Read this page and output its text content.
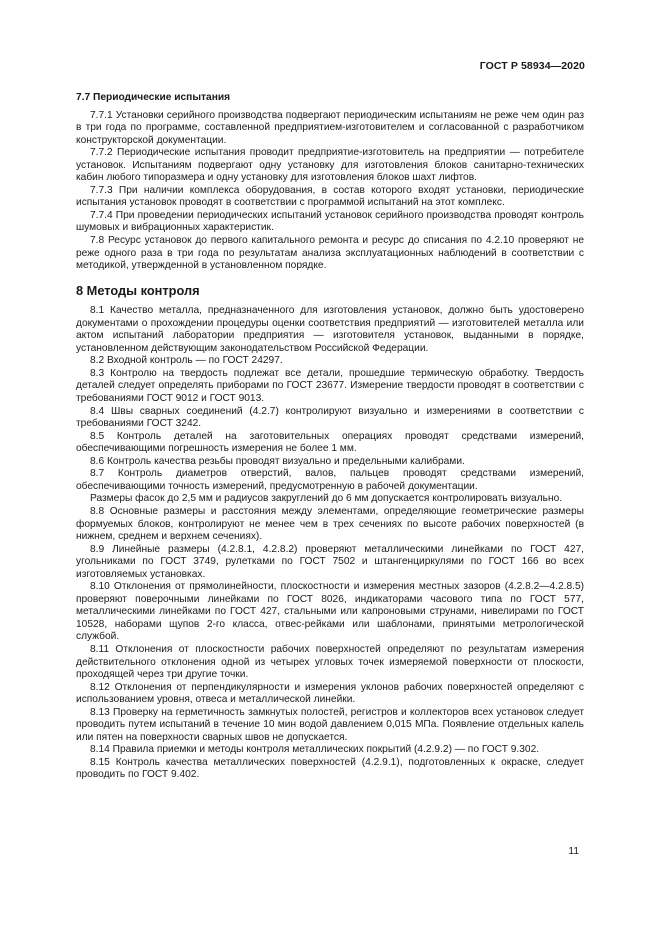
ГОСТ Р 58934—2020
7.7 Периодические испытания

7.7.1 Установки серийного производства подвергают периодическим испытаниям не реже чем один раз в три года по программе, составленной предприятием-изготовителем и согласованной с разработчиком конструкторской документации.

7.7.2 Периодические испытания проводит предприятие-изготовитель на предприятии — потребителе установок. Испытаниям подвергают одну установку для изготовления блоков санитарно-технических кабин любого типоразмера и одну установку для изготовления блоков шахт лифтов.

7.7.3 При наличии комплекса оборудования, в состав которого входят установки, периодические испытания установок проводят в соответствии с программой испытаний на этот комплекс.

7.7.4 При проведении периодических испытаний установок серийного производства проводят контроль шумовых и вибрационных характеристик.

7.8 Ресурс установок до первого капитального ремонта и ресурс до списания по 4.2.10 проверяют не реже одного раза в три года по результатам анализа эксплуатационных наблюдений в соответствии с методикой, утвержденной в установленном порядке.

8 Методы контроля

8.1 Качество металла, предназначенного для изготовления установок, должно быть удостоверено документами о прохождении процедуры оценки соответствия предприятий — изготовителей металла или актом испытаний лаборатории предприятия — изготовителя установок, выданными в порядке, установленном действующим законодательством Российской Федерации.

8.2 Входной контроль — по ГОСТ 24297.

8.3 Контролю на твердость подлежат все детали, прошедшие термическую обработку. Твердость деталей следует определять приборами по ГОСТ 23677. Измерение твердости проводят в соответствии с требованиями ГОСТ 9012 и ГОСТ 9013.

8.4 Швы сварных соединений (4.2.7) контролируют визуально и измерениями в соответствии с требованиями ГОСТ 3242.

8.5 Контроль деталей на заготовительных операциях проводят средствами измерений, обеспечивающими погрешность измерения не более 1 мм.

8.6 Контроль качества резьбы проводят визуально и предельными калибрами.

8.7 Контроль диаметров отверстий, валов, пальцев проводят средствами измерений, обеспечивающими точность измерений, предусмотренную в рабочей документации.

Размеры фасок до 2,5 мм и радиусов закруглений до 6 мм допускается контролировать визуально.

8.8 Основные размеры и расстояния между элементами, определяющие геометрические размеры формуемых блоков, контролируют не менее чем в трех сечениях по высоте рабочих поверхностей (в нижнем, среднем и верхнем сечениях).

8.9 Линейные размеры (4.2.8.1, 4.2.8.2) проверяют металлическими линейками по ГОСТ 427, угольниками по ГОСТ 3749, рулетками по ГОСТ 7502 и штангенциркулями по ГОСТ 166 во всех изготовляемых установках.

8.10 Отклонения от прямолинейности, плоскостности и измерения местных зазоров (4.2.8.2—4.2.8.5) проверяют поверочными линейками по ГОСТ 8026, индикаторами часового типа по ГОСТ 577, металлическими линейками по ГОСТ 427, стальными или капроновыми струнами, нивелирами по ГОСТ 10528, наборами щупов 2-го класса, отвес-рейками или шаблонами, принятыми метрологической службой.

8.11 Отклонения от плоскостности рабочих поверхностей определяют по результатам измерения действительного отклонения одной из четырех угловых точек измеряемой поверхности от плоскости, проходящей через три другие точки.

8.12 Отклонения от перпендикулярности и измерения уклонов рабочих поверхностей определяют с использованием уровня, отвеса и металлической линейки.

8.13 Проверку на герметичность замкнутых полостей, регистров и коллекторов всех установок следует проводить путем испытаний в течение 10 мин водой давлением 0,015 МПа. Появление отдельных капель или пятен на поверхности сварных швов не допускается.

8.14 Правила приемки и методы контроля металлических покрытий (4.2.9.2) — по ГОСТ 9.302.

8.15 Контроль качества металлических поверхностей (4.2.9.1), подготовленных к окраске, следует проводить по ГОСТ 9.402.

11
